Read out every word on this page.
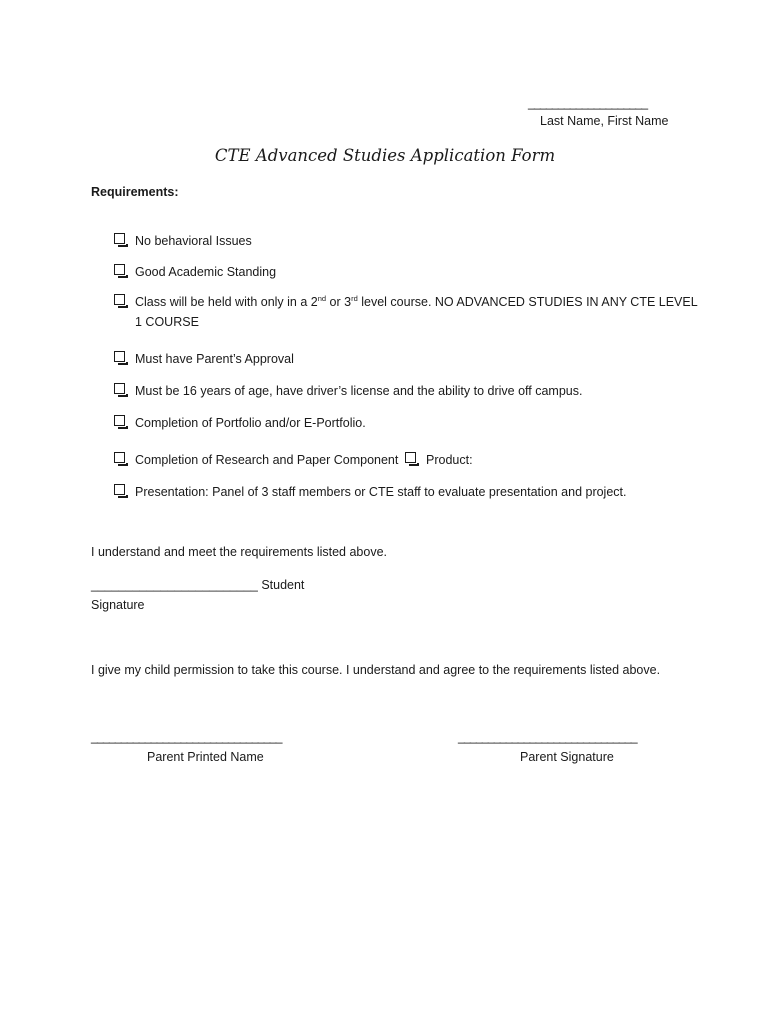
____________________
Last Name, First Name
CTE Advanced Studies Application Form
Requirements:
No behavioral Issues
Good Academic Standing
Class will be held with only in a 2nd or 3rd level course. NO ADVANCED STUDIES IN ANY CTE LEVEL
1 COURSE
Must have Parent’s Approval
Must be 16 years of age, have driver’s license and the ability to drive off campus.
Completion of Portfolio and/or E-Portfolio.
Completion of Research and Paper Component Product:
Presentation: Panel of 3 staff members or CTE staff to evaluate presentation and project.
I understand and meet the requirements listed above.
________________________ Student
Signature
I give my child permission to take this course. I understand and agree to the requirements listed above.
________________________________	______________________________
Parent Printed Name	Parent Signature
